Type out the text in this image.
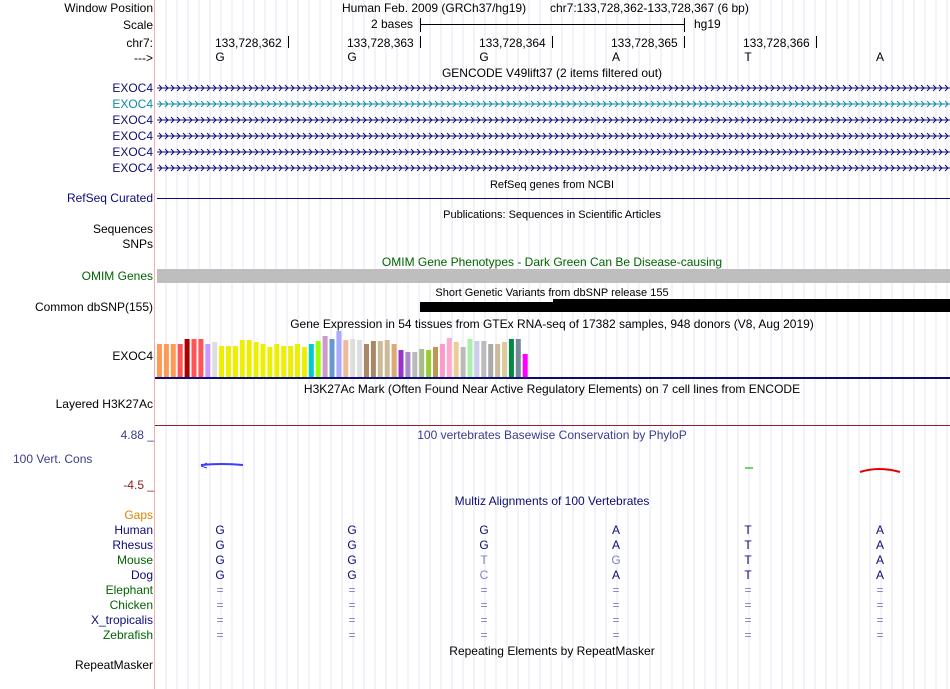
Window Position	Human Feb. 2009 (GRCh37/hg19) chr7:133,728,362-133,728,367 (6 bp)
Scale	2 bases	hg19
chr7:	133,728,362	133,728,363	133,728,364	133,728,365	133,728,366
--->	G	G	G	A	T	A
GENCODE V49lift37 (2 items filtered out)
EXOC4
EXOC4
EXOC4
EXOC4
EXOC4
EXOC4
RefSeq genes from NCBI
RefSeq Curated
Publications: Sequences in Scientific Articles
Sequences
SNPs
OMIM Gene Phenotypes - Dark Green Can Be Disease-causing
OMIM Genes
Short Genetic Variants from dbSNP release 155
Common dbSNP(155)
Gene Expression in 54 tissues from GTEx RNA-seq of 17382 samples, 948 donors (V8, Aug 2019)
EXOC4
H3K27Ac Mark (Often Found Near Active Regulatory Elements) on 7 cell lines from ENCODE
Layered H3K27Ac
4.88 _	100 vertebrates Basewise Conservation by PhyloP
100 Vert. Cons
-4.5 _
Multiz Alignments of 100 Vertebrates
Gaps
Human	G	G	G	A	T	A
Rhesus	G	G	G	A	T	A
Mouse	G	G	T	G	T	A
Dog	G	G	C	A	T	A
Elephant	=	=	=	=	=	=
Chicken	=	=	=	=	=	=
X_tropicalis	=	=	=	=	=	=
Zebrafish	=	=	=	=	=	=
Repeating Elements by RepeatMasker
RepeatMasker
